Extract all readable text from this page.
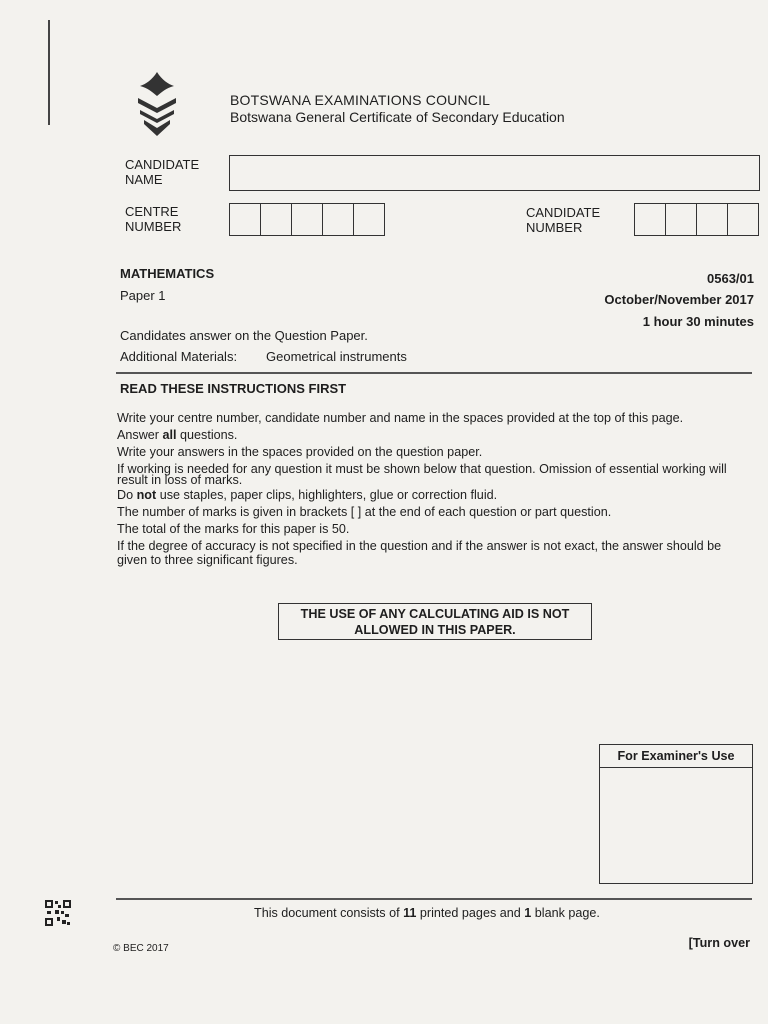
BOTSWANA EXAMINATIONS COUNCIL
Botswana General Certificate of Secondary Education
CANDIDATE
NAME
CENTRE
NUMBER
CANDIDATE
NUMBER
MATHEMATICS
Paper 1
0563/01
October/November 2017
1 hour 30 minutes
Candidates answer on the Question Paper.
Additional Materials: Geometrical instruments
READ THESE INSTRUCTIONS FIRST

Write your centre number, candidate number and name in the spaces provided at the top of this page.

Answer all questions.

Write your answers in the spaces provided on the question paper.

If working is needed for any question it must be shown below that question. Omission of essential working will result in loss of marks.

Do not use staples, paper clips, highlighters, glue or correction fluid.

The number of marks is given in brackets [ ] at the end of each question or part question.

The total of the marks for this paper is 50.

If the degree of accuracy is not specified in the question and if the answer is not exact, the answer should be given to three significant figures.

THE USE OF ANY CALCULATING AID IS NOT
ALLOWED IN THIS PAPER.
For Examiner's Use
This document consists of 11 printed pages and 1 blank page.
© BEC 2017	[Turn over
